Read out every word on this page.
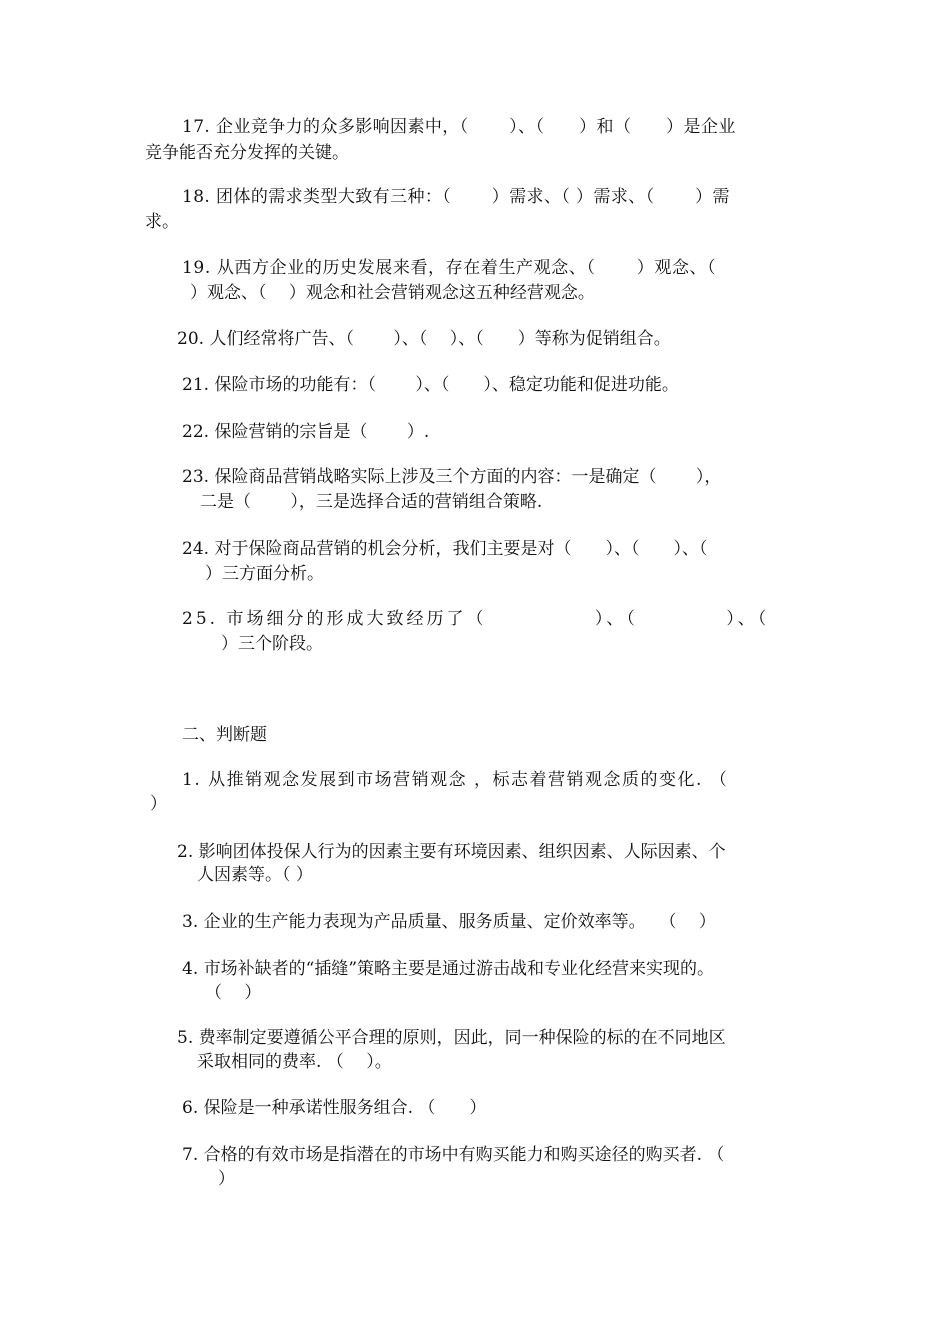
17. 企业竞争力的众多影响因素中，（　　 ）、（　　）和（　　）是企业
竞争能否充分发挥的关键。
18. 团体的需求类型大致有三种：（　　 ）需求、（ ）需求、（　　 ）需
求。
19. 从西方企业的历史发展来看，存在着生产观念、（　　 ）观念、（
）观念、（　 ）观念和社会营销观念这五种经营观念。
20. 人们经常将广告、（　　 ）、（　 ）、（　　）等称为促销组合。
21. 保险市场的功能有：（　　 ）、（　　）、稳定功能和促进功能。
22. 保险营销的宗旨是（　　 ）.
23. 保险商品营销战略实际上涉及三个方面的内容：一是确定（　　 ），
二是（　　 ），三是选择合适的营销组合策略.
24. 对于保险商品营销的机会分析，我们主要是对（　　）、（　　）、（
）三方面分析。
25. 市场细分的形成大致经历了（　　　　　 ）、（　　　　 ）、（
）三个阶段。
二、判断题
1. 从推销观念发展到市场营销观念 ，标志着营销观念质的变化. （
）
2. 影响团体投保人行为的因素主要有环境因素、组织因素、人际因素、个
人因素等。（ ）
3. 企业的生产能力表现为产品质量、服务质量、定价效率等。　 （　 ）
4. 市场补缺者的“插缝”策略主要是通过游击战和专业化经营来实现的。
（　 ）
5. 费率制定要遵循公平合理的原则，因此，同一种保险的标的在不同地区
采取相同的费率. （　 ）。
6. 保险是一种承诺性服务组合. （　　）
7. 合格的有效市场是指潜在的市场中有购买能力和购买途径的购买者. （
）
